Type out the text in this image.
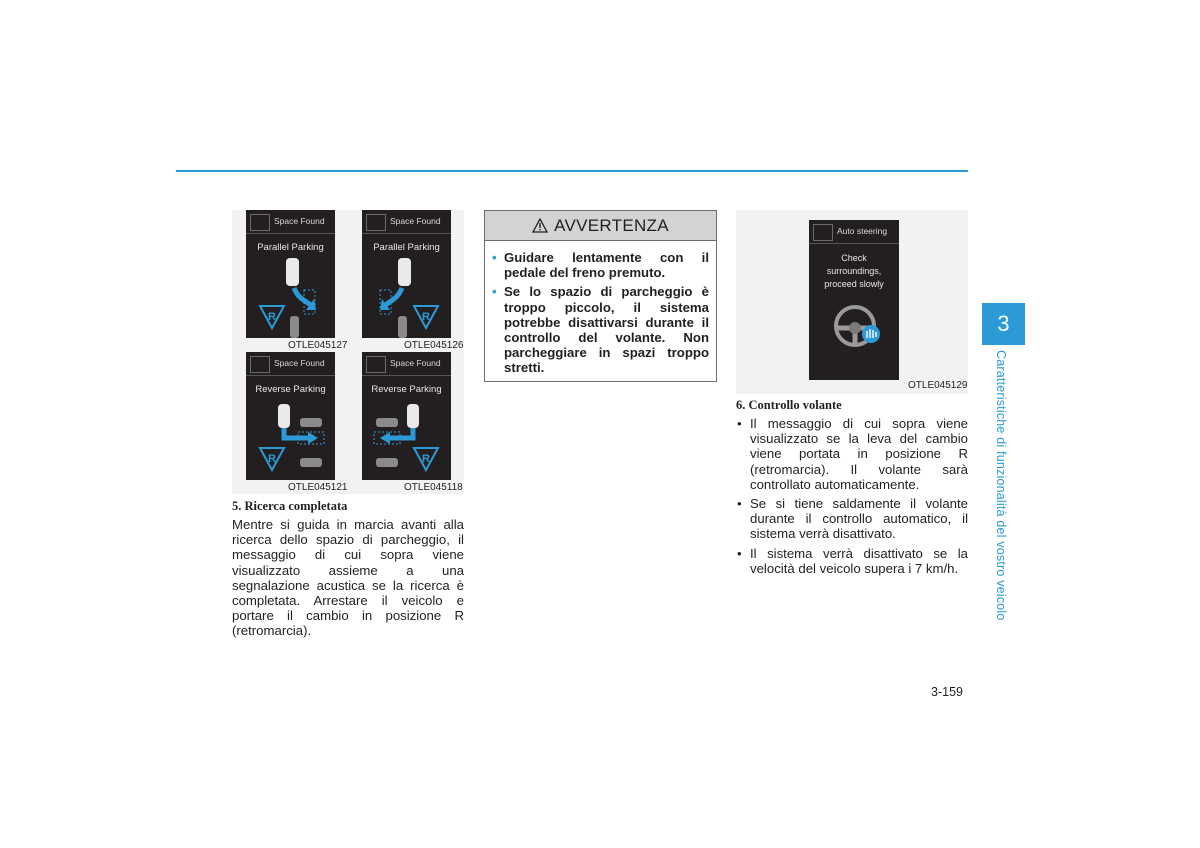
Space Found
Parallel Parking
R
OTLE045127
Space Found
Parallel Parking
R
OTLE045126
Space Found
Reverse Parking
R
OTLE045121
Space Found
Reverse Parking
R
OTLE045118
5. Ricerca completata

Mentre si guida in marcia avanti alla ricerca dello spazio di parcheggio, il messaggio di cui sopra viene visualizzato assieme a una segnalazione acustica se la ricerca è completata. Arrestare il veicolo e portare il cambio in posizione R (retromarcia).

AVVERTENZA
• Guidare lentamente con il pedale del freno premuto.
• Se lo spazio di parcheggio è troppo piccolo, il sistema potrebbe disattivarsi durante il controllo del volante. Non parcheggiare in spazi troppo stretti.
Auto steering
Check
surroundings,
proceed slowly
OTLE045129
6. Controllo volante
• Il messaggio di cui sopra viene visualizzato se la leva del cambio viene portata in posizione R (retromarcia). Il volante sarà controllato automaticamente.
• Se si tiene saldamente il volante durante il controllo automatico, il sistema verrà disattivato.
• Il sistema verrà disattivato se la velocità del veicolo supera i 7 km/h.
3
Caratteristiche di funzionalità del vostro veicolo
3-159
